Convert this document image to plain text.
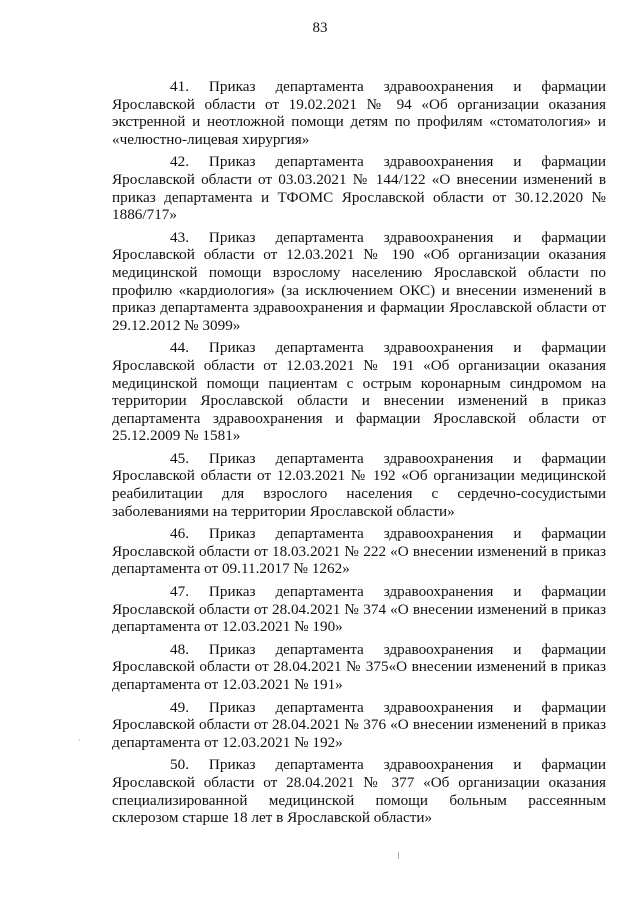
83

41. Приказ департамента здравоохранения и фармации Ярославской области от 19.02.2021 № 94 «Об организации оказания экстренной и неотложной помощи детям по профилям «стоматология» и «челюстно-лицевая хирургия»

42. Приказ департамента здравоохранения и фармации Ярославской области от 03.03.2021 № 144/122 «О внесении изменений в приказ департамента и ТФОМС Ярославской области от 30.12.2020 № 1886/717»

43. Приказ департамента здравоохранения и фармации Ярославской области от 12.03.2021 № 190 «Об организации оказания медицинской помощи взрослому населению Ярославской области по профилю «кардиология» (за исключением ОКС) и внесении изменений в приказ департамента здравоохранения и фармации Ярославской области от 29.12.2012 № 3099»

44. Приказ департамента здравоохранения и фармации Ярославской области от 12.03.2021 № 191 «Об организации оказания медицинской помощи пациентам с острым коронарным синдромом на территории Ярославской области и внесении изменений в приказ департамента здравоохранения и фармации Ярославской области от 25.12.2009 № 1581»

45. Приказ департамента здравоохранения и фармации Ярославской области от 12.03.2021 № 192 «Об организации медицинской реабилитации для взрослого населения с сердечно-сосудистыми заболеваниями на территории Ярославской области»

46. Приказ департамента здравоохранения и фармации Ярославской области от 18.03.2021 № 222 «О внесении изменений в приказ департамента от 09.11.2017 № 1262»

47. Приказ департамента здравоохранения и фармации Ярославской области от 28.04.2021 № 374 «О внесении изменений в приказ департамента от 12.03.2021 № 190»

48. Приказ департамента здравоохранения и фармации Ярославской области от 28.04.2021 № 375«О внесении изменений в приказ департамента от 12.03.2021 № 191»

49. Приказ департамента здравоохранения и фармации Ярославской области от 28.04.2021 № 376 «О внесении изменений в приказ департамента от 12.03.2021 № 192»

50. Приказ департамента здравоохранения и фармации Ярославской области от 28.04.2021 № 377 «Об организации оказания специализированной медицинской помощи больным рассеянным склерозом старше 18 лет в Ярославской области»

·
